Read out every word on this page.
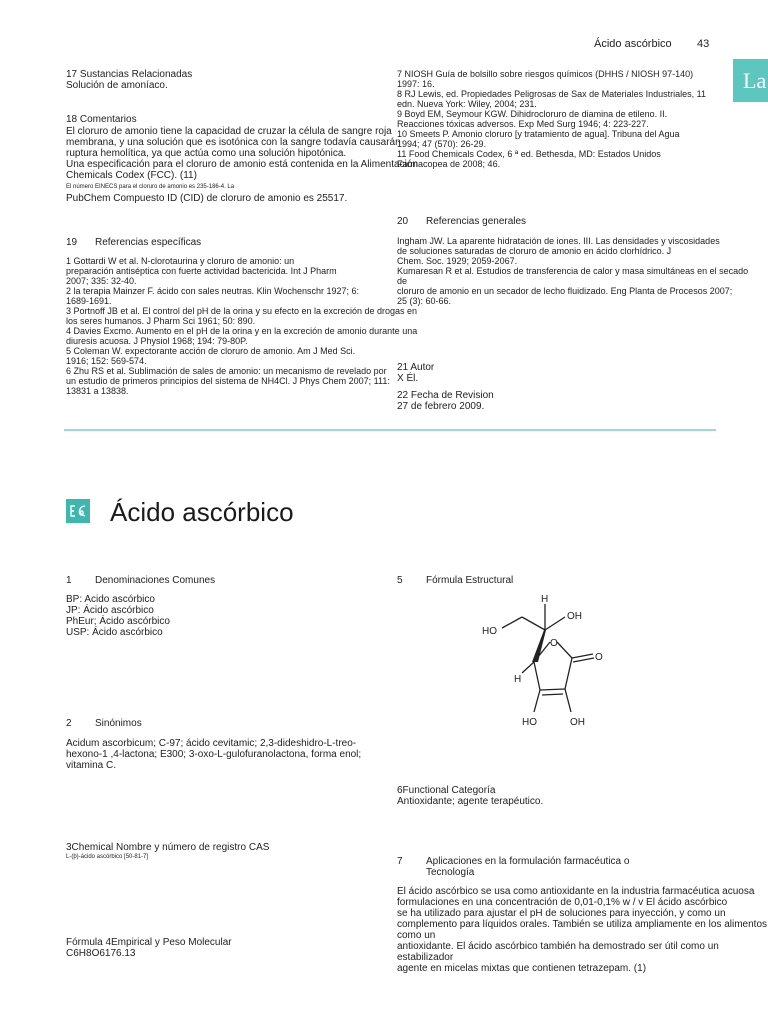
Ácido ascórbico 43
La
17 Sustancias Relacionadas
Solución de amoníaco.
18 Comentarios
El cloruro de amonio tiene la capacidad de cruzar la célula de sangre roja
membrana, y una solución que es isotónica con la sangre todavía causarán
ruptura hemolítica, ya que actúa como una solución hipotónica.
Una especificación para el cloruro de amonio está contenida en la Alimentación
Chemicals Codex (FCC). (11)
El número EINECS para el cloruro de amonio es 235-186-4. La
PubChem Compuesto ID (CID) de cloruro de amonio es 25517.
19 Referencias específicas
1 Gottardi W et al. N-clorotaurina y cloruro de amonio: un
preparación antiséptica con fuerte actividad bactericida. Int J Pharm
2007; 335: 32-40.
2 la terapia Mainzer F. ácido con sales neutras. Klin Wochenschr 1927; 6:
1689-1691.
3 Portnoff JB et al. El control del pH de la orina y su efecto en la excreción de drogas en
los seres humanos. J Pharm Sci 1961; 50: 890.
4 Davies Excmo. Aumento en el pH de la orina y en la excreción de amonio durante una
diuresis acuosa. J Physiol 1968; 194: 79-80P.
5 Coleman W. expectorante acción de cloruro de amonio. Am J Med Sci.
1916; 152: 569-574.
6 Zhu RS et al. Sublimación de sales de amonio: un mecanismo de revelado por
un estudio de primeros principios del sistema de NH4Cl. J Phys Chem 2007; 111:
13831 a 13838.
7 NIOSH Guía de bolsillo sobre riesgos químicos (DHHS / NIOSH 97-140)
1997: 16.
8 RJ Lewis, ed. Propiedades Peligrosas de Sax de Materiales Industriales, 11
edn. Nueva York: Wiley, 2004; 231.
9 Boyd EM, Seymour KGW. Dihidrocloruro de diamina de etileno. II.
Reacciones tóxicas adversos. Exp Med Surg 1946; 4: 223-227.
10 Smeets P. Amonio cloruro [y tratamiento de agua]. Tribuna del Agua
1994; 47 (570): 26-29.
11 Food Chemicals Codex, 6 ª ed. Bethesda, MD: Estados Unidos
Farmacopea de 2008; 46.
20 Referencias generales
Ingham JW. La aparente hidratación de iones. III. Las densidades y viscosidades
de soluciones saturadas de cloruro de amonio en ácido clorhídrico. J
Chem. Soc. 1929; 2059-2067.
Kumaresan R et al. Estudios de transferencia de calor y masa simultáneas en el secado
de
cloruro de amonio en un secador de lecho fluidizado. Eng Planta de Procesos 2007;
25 (3): 60-66.
21 Autor
X Él.
22 Fecha de Revision
27 de febrero 2009.
Ácido ascórbico
1 Denominaciones Comunes
BP: Acido ascórbico
JP: Ácido ascórbico
PhEur; Ácido ascórbico
USP: Ácido ascórbico
2 Sinónimos
Acidum ascorbicum; C-97; ácido cevitamic; 2,3-dideshidro-L-treo-
hexono-1 ,4-lactona; E300; 3-oxo-L-gulofuranolactona, forma enol;
vitamina C.
3Chemical Nombre y número de registro CAS
L-(þ)-ácido ascórbico [50-81-7]
Fórmula 4Empirical y Peso Molecular
C6H8O6176.13
5 Fórmula Estructural
H
OH
HO
O
O
H
HO	OH
6Functional Categoría
Antioxidante; agente terapéutico.
7 Aplicaciones en la formulación farmacéutica o
Tecnología
El ácido ascórbico se usa como antioxidante en la industria farmacéutica acuosa
formulaciones en una concentración de 0,01-0,1% w / v El ácido ascórbico
se ha utilizado para ajustar el pH de soluciones para inyección, y como un
complemento para líquidos orales. También se utiliza ampliamente en los alimentos
como un
antioxidante. El ácido ascórbico también ha demostrado ser útil como un
estabilizador
agente en micelas mixtas que contienen tetrazepam. (1)
